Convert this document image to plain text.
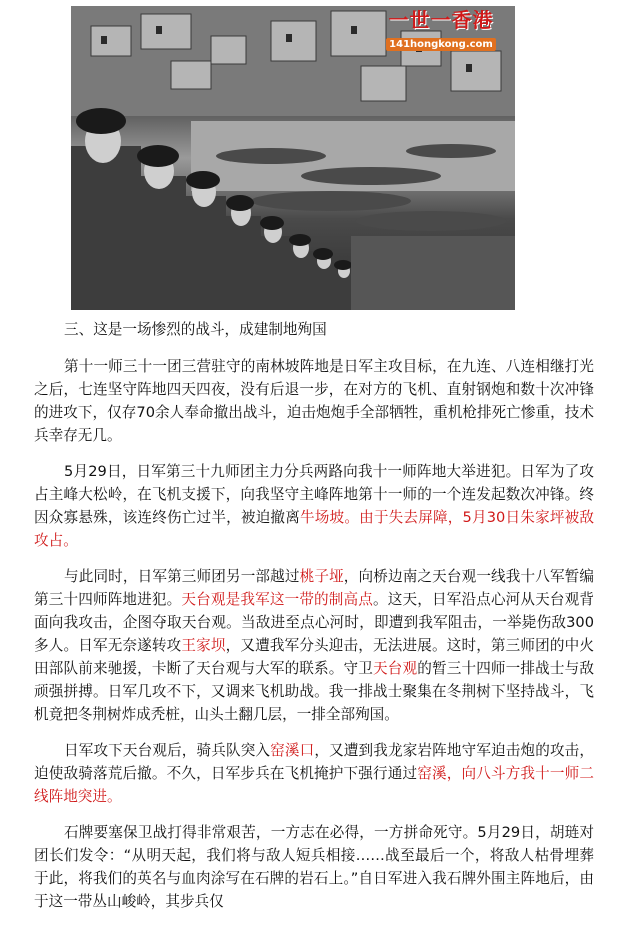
一世一香港
141hongkong.com

三、这是一场惨烈的战斗，成建制地殉国

第十一师三十一团三营驻守的南林坡阵地是日军主攻目标，在九连、八连相继打光之后，七连坚守阵地四天四夜，没有后退一步，在对方的飞机、直射钢炮和数十次冲锋的进攻下，仅存70余人奉命撤出战斗，迫击炮炮手全部牺牲，重机枪排死亡惨重，技术兵幸存无几。

5月29日，日军第三十九师团主力分兵两路向我十一师阵地大举进犯。日军为了攻占主峰大松岭，在飞机支援下，向我坚守主峰阵地第十一师的一个连发起数次冲锋。终因众寡悬殊，该连终伤亡过半，被迫撤离牛场坡。由于失去屏障，5月30日朱家坪被敌攻占。

与此同时，日军第三师团另一部越过桃子垭，向桥边南之天台观一线我十八军暂编第三十四师阵地进犯。天台观是我军这一带的制高点。这天，日军沿点心河从天台观背面向我攻击，企图夺取天台观。当敌进至点心河时，即遭到我军阻击，一举毙伤敌300多人。日军无奈遂转攻王家坝，又遭我军分头迎击，无法进展。这时，第三师团的中火田部队前来驰援，卡断了天台观与大军的联系。守卫天台观的暂三十四师一排战士与敌顽强拼搏。日军几攻不下，又调来飞机助战。我一排战士聚集在冬荆树下坚持战斗，飞机竟把冬荆树炸成秃桩，山头土翻几层，一排全部殉国。

日军攻下天台观后，骑兵队突入窑溪口，又遭到我龙家岩阵地守军迫击炮的攻击，迫使敌骑落荒后撤。不久，日军步兵在飞机掩护下强行通过窑溪，向八斗方我十一师二线阵地突进。

石牌要塞保卫战打得非常艰苦，一方志在必得，一方拼命死守。5月29日，胡琏对团长们发令：“从明天起，我们将与敌人短兵相接……战至最后一个，将敌人枯骨埋葬于此，将我们的英名与血肉涂写在石牌的岩石上。”自日军进入我石牌外围主阵地后，由于这一带丛山峻岭，其步兵仅
